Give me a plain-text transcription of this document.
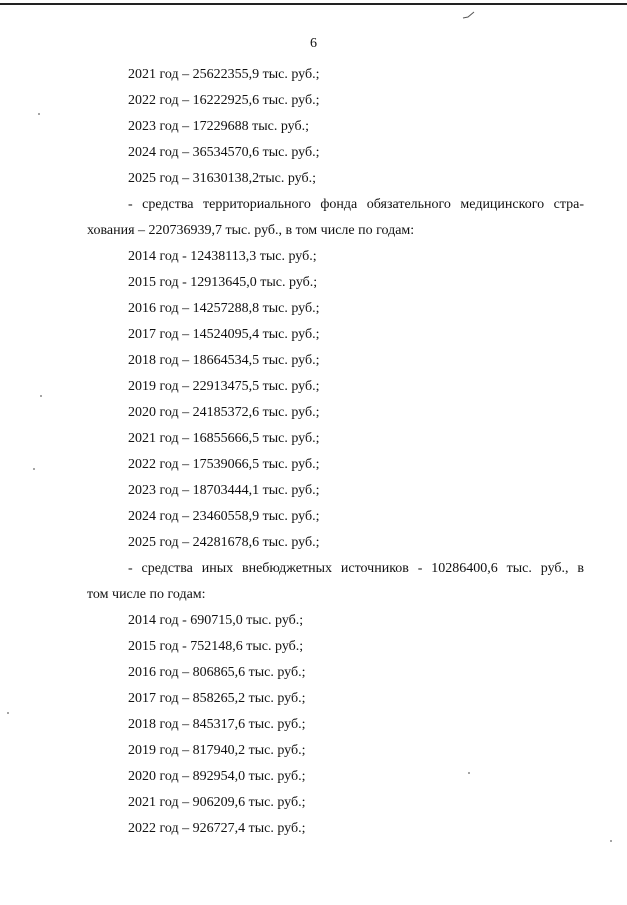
6
2021 год – 25622355,9 тыс. руб.;
2022 год – 16222925,6 тыс. руб.;
2023 год – 17229688 тыс. руб.;
2024 год – 36534570,6 тыс. руб.;
2025 год – 31630138,2тыс. руб.;
- средства территориального фонда обязательного медицинского стра-
хования – 220736939,7 тыс. руб., в том числе по годам:
2014 год - 12438113,3 тыс. руб.;
2015 год - 12913645,0 тыс. руб.;
2016 год – 14257288,8 тыс. руб.;
2017 год – 14524095,4 тыс. руб.;
2018 год – 18664534,5 тыс. руб.;
2019 год – 22913475,5 тыс. руб.;
2020 год – 24185372,6 тыс. руб.;
2021 год – 16855666,5 тыс. руб.;
2022 год – 17539066,5 тыс. руб.;
2023 год – 18703444,1 тыс. руб.;
2024 год – 23460558,9 тыс. руб.;
2025 год – 24281678,6 тыс. руб.;
- средства иных внебюджетных источников - 10286400,6 тыс. руб., в
том числе по годам:
2014 год - 690715,0 тыс. руб.;
2015 год - 752148,6 тыс. руб.;
2016 год – 806865,6 тыс. руб.;
2017 год – 858265,2 тыс. руб.;
2018 год – 845317,6 тыс. руб.;
2019 год – 817940,2 тыс. руб.;
2020 год – 892954,0 тыс. руб.;
2021 год – 906209,6 тыс. руб.;
2022 год – 926727,4 тыс. руб.;
